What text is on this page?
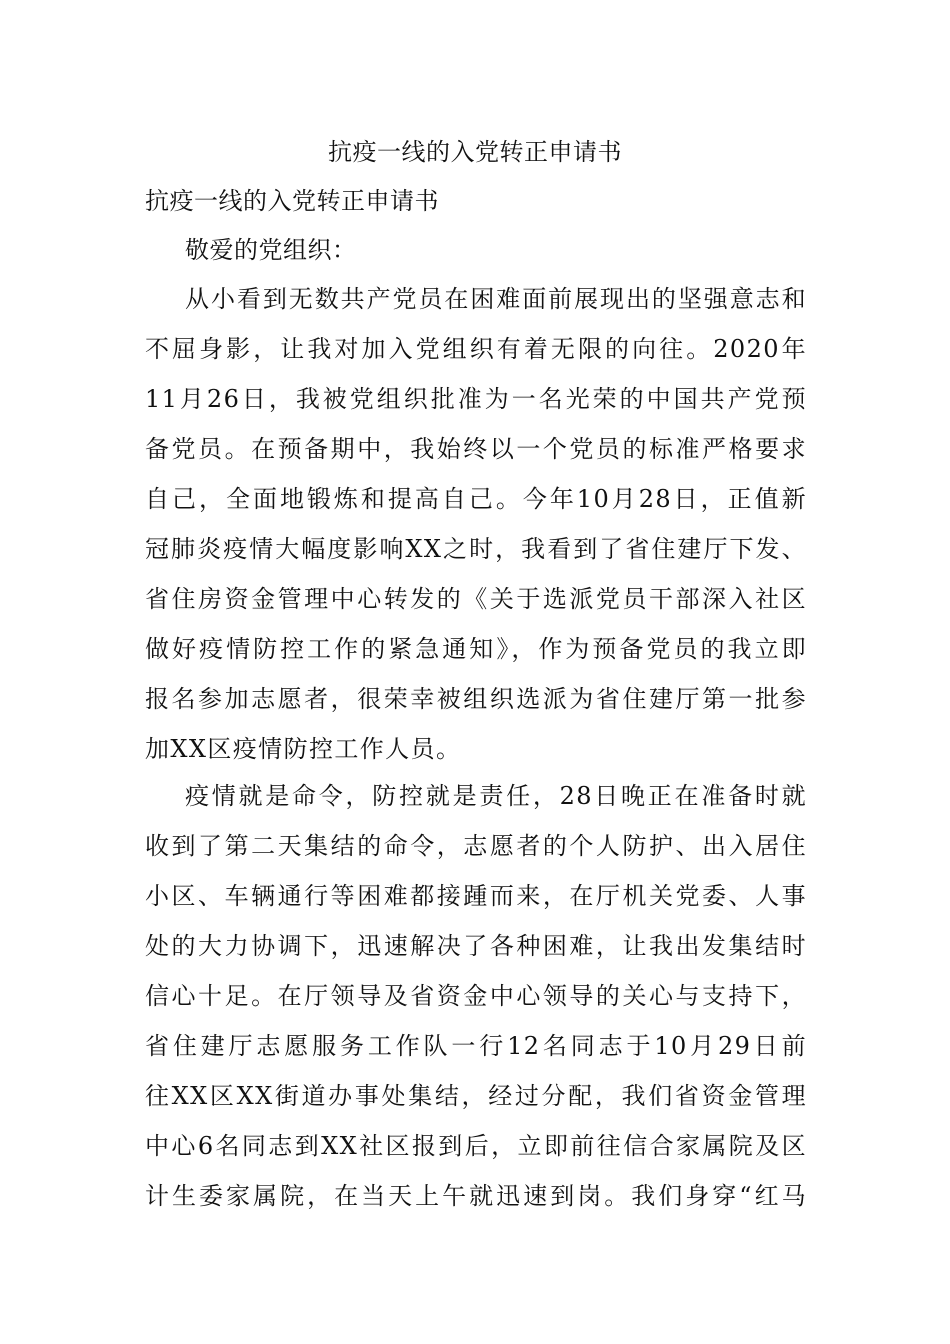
抗疫一线的入党转正申请书
抗疫一线的入党转正申请书
敬爱的党组织：
从小看到无数共产党员在困难面前展现出的坚强意志和
不屈身影，让我对加入党组织有着无限的向往。2020年
11月26日，我被党组织批准为一名光荣的中国共产党预
备党员。在预备期中，我始终以一个党员的标准严格要求
自己，全面地锻炼和提高自己。今年10月28日，正值新
冠肺炎疫情大幅度影响XX之时，我看到了省住建厅下发、
省住房资金管理中心转发的《关于选派党员干部深入社区
做好疫情防控工作的紧急通知》，作为预备党员的我立即
报名参加志愿者，很荣幸被组织选派为省住建厅第一批参
加XX区疫情防控工作人员。
疫情就是命令，防控就是责任，28日晚正在准备时就
收到了第二天集结的命令，志愿者的个人防护、出入居住
小区、车辆通行等困难都接踵而来，在厅机关党委、人事
处的大力协调下，迅速解决了各种困难，让我出发集结时
信心十足。在厅领导及省资金中心领导的关心与支持下，
省住建厅志愿服务工作队一行12名同志于10月29日前
往XX区XX街道办事处集结，经过分配，我们省资金管理
中心6名同志到XX社区报到后，立即前往信合家属院及区
计生委家属院，在当天上午就迅速到岗。我们身穿“红马
